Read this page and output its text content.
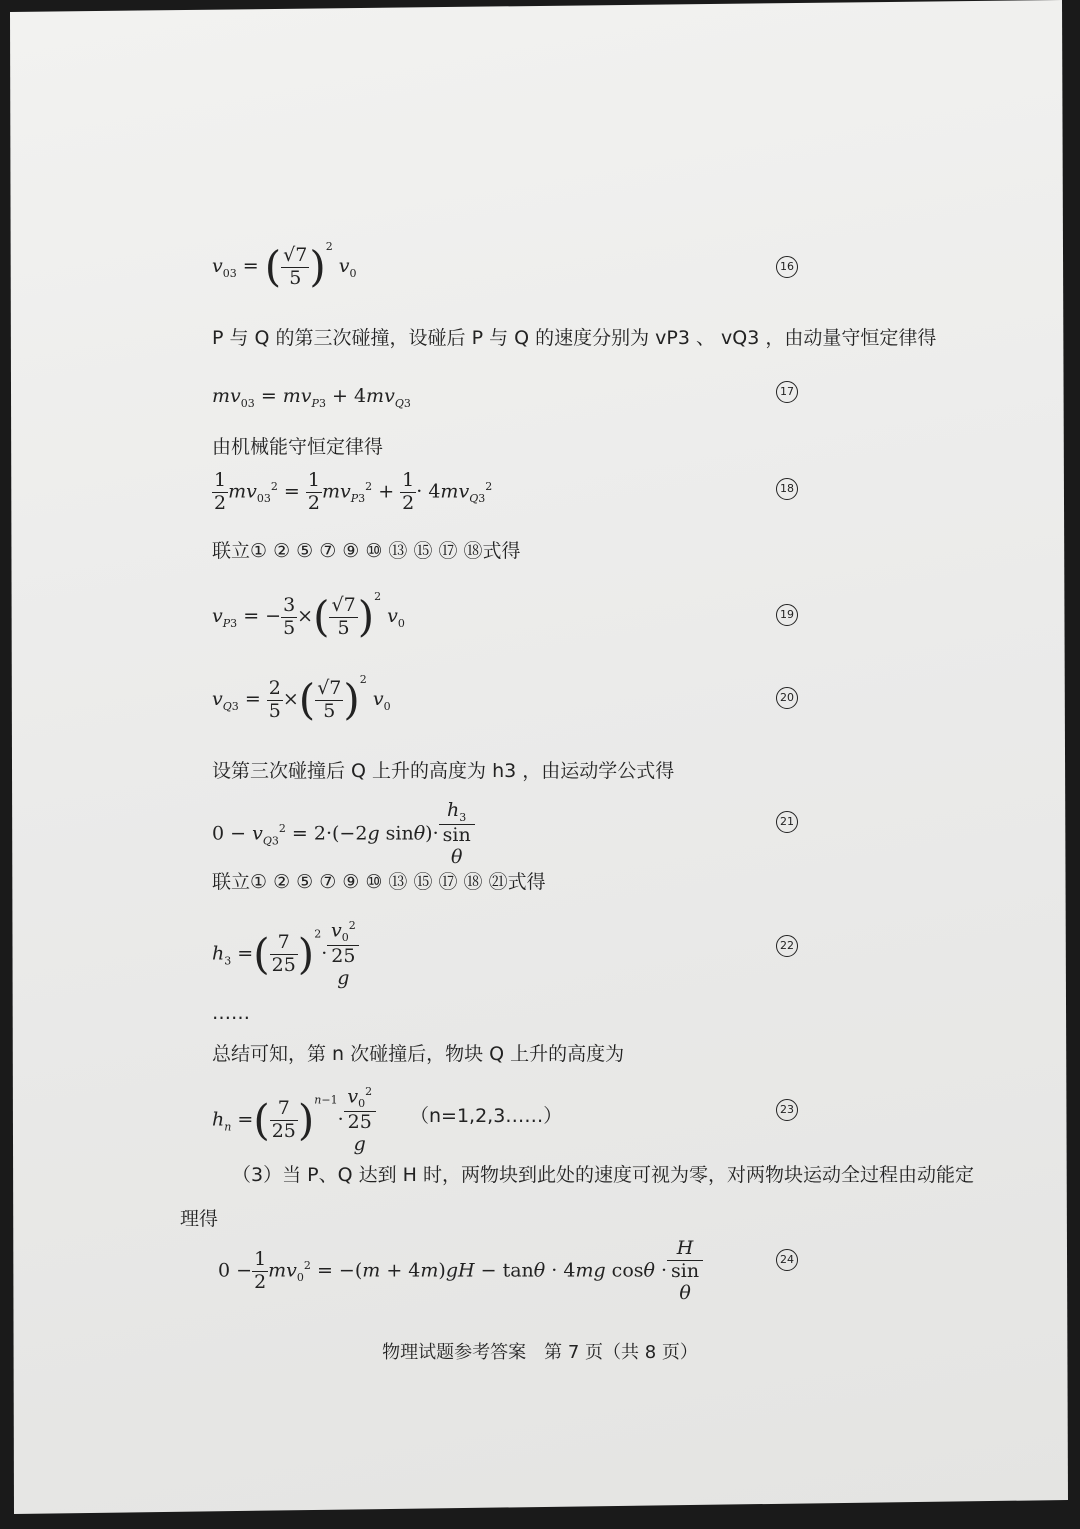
$v_{03}$ = ( $\frac{√7}{5} )^2$ $v_0$
16
P 与 Q 的第三次碰撞，设碰后 P 与 Q 的速度分别为 vP3 、 vQ3 ，由动量守恒定律得
$mv_{03} = mv_{P3} + 4mv_{Q3}$
17
由机械能守恒定律得
$\frac{1}{2} mv_{03}^2 = \frac{1}{2} mv_{P3}^2 + \frac{1}{2} \cdot 4mv_{Q3}^2$	18
联立① ② ⑤ ⑦ ⑨ ⑩ ⑬ ⑮ ⑰ ⑱式得
$v_{P3}$ = − $\frac{3}{5}$ ×( $\frac{√7}{5} )^2$ $v_0$
19
$v_{Q3} = \frac{2}{5}$ ×( $\frac{√7}{5} )^2$ $v_0$
20
设第三次碰撞后 Q 上升的高度为 h3 ，由运动学公式得
$0 - v_{Q3}^2 = 2\cdot(-2g$ $\sin\theta)\cdot h_3$
sin
θ	21
联立① ② ⑤ ⑦ ⑨ ⑩ ⑬ ⑮ ⑰ ⑱ ㉑式得
$h_3$ =( $\frac{7}{25} )^2\cdot v_0^2$
25
g	22
……
总结可知，第 n 次碰撞后，物块 Q 上升的高度为
$h_n$ =( $\frac{7}{25} )^{n-1}\cdot v_0^2$
25
g （n=1,2,3……）	23
（3）当 P、Q 达到 H 时，两物块到此处的速度可视为零，对两物块运动全过程由动能定
理得
$0 - \frac{1}{2} mv_0^2 = -(m + 4m)gH - \tan\theta \cdot 4mg$ cosθ · H
sin
θ	24
物理试题参考答案　第 7 页（共 8 页）
